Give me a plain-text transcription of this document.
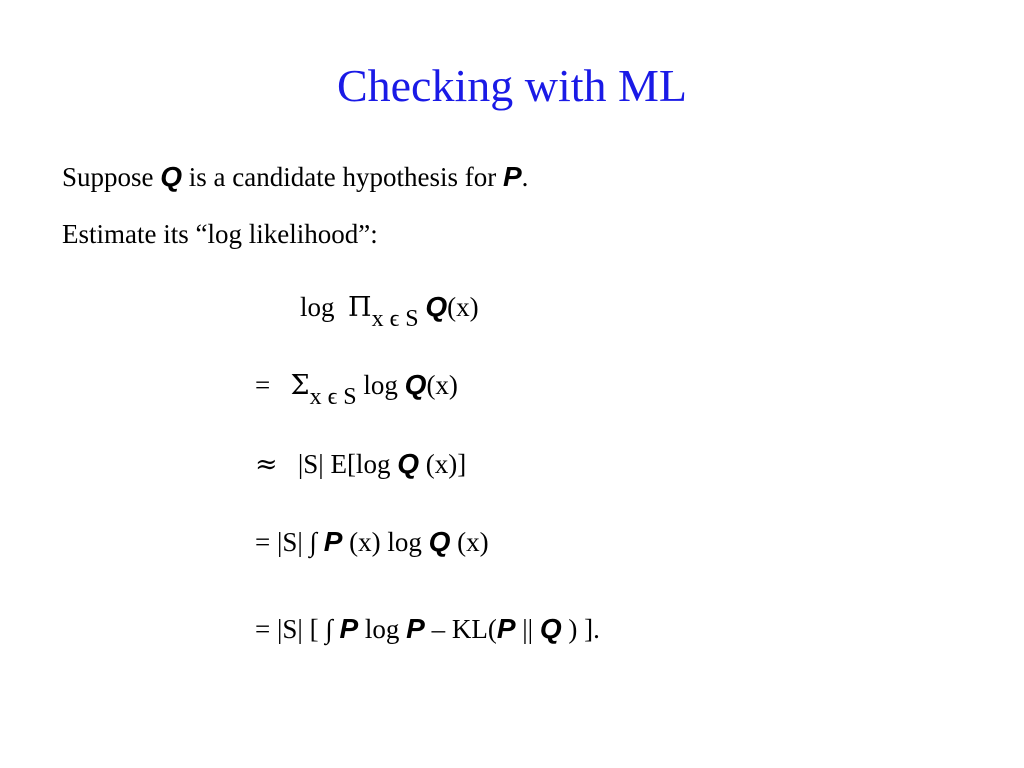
Checking with ML
Suppose Q is a candidate hypothesis for P.
Estimate its “log likelihood”:
log Πx ϵ S Q(x)
= Σx ϵ S log Q(x)
≈ |S| E[log Q (x)]
= |S| ∫ P (x) log Q (x)
= |S| [ ∫ P log P – KL(P || Q ) ].
